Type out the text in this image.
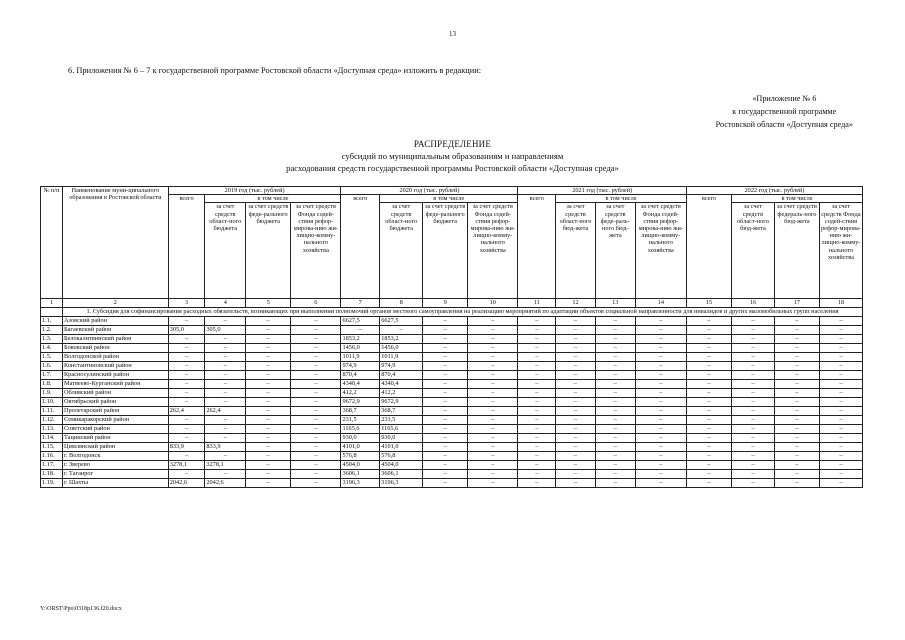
13
6. Приложения № 6 – 7 к государственной программе Ростовской области «Доступная среда» изложить в редакции:
«Приложение № 6
к государственной программе
Ростовской области «Доступная среда»
РАСПРЕДЕЛЕНИЕ
субсидий по муниципальным образованиям и направлениям
расходования средств государственной программы Ростовской области «Доступная среда»
№ п/п	Наименование муни-ципального образования в Ростовской области	2019 год (тыс. рублей)				2020 год (тыс. рублей)				2021 год (тыс. рублей)				2022 год (тыс. рублей)			
		всего	в том числе			всего	в том числе			всего	в том числе			всего	в том числе		
			за счет средств област-ного бюджета	за счет средств феде-рального бюджета	за счет средств Фонда содей-ствия рефор-мирова-нию жи-лищно-комму-нального хозяйства		за счет средств област-ного бюджета	за счет средств феде-рального бюджета	за счет средств Фонда содей-ствия рефор-мирова-нию жи-лищно-комму-нального хозяйства		за счет средств област-ного бюд-жета	за счет средств феде-раль-ного бюд-жета	за счет средств Фонда содей-ствия рефор-мирова-нию жи-лищно-комму-нального хозяйства		за счет средств област-ного бюд-жета	за счет средств федераль-ного бюд-жета	за счет средств Фонда содей-ствия рефор-мирова-нию жи-лищно-комму-нального хозяйства
1	2	3	4	5	6	7	8	9	10	11	12	13	14	15	16	17	18
	1. Субсидия для софинансирования расходных обязательств, возникающих при выполнении полномочий органов местного самоуправления на реализацию мероприятий по адаптации объектов социальной направленности для инвалидов и других маломобильных групп населения																
1.1.	Азовский район	–	–	–	–	6627,5	6627,5	–	–	–	–	–	–	–	–	–	–
1.2.	Багаевский район	305,0	305,0	–	–	–	–	–	–	–	–	–	–	–	–	–	–
1.3.	Белокалитвинский район	–	–	–	–	1853,2	1853,2	–	–	–	–	–	–	–	–	–	–
1.4.	Боковский район	–	–	–	–	1456,0	1456,0	–	–	–	–	–	–	–	–	–	–
1.5.	Волгодонской район	–	–	–	–	1011,9	1011,9	–	–	–	–	–	–	–	–	–	–
1.6.	Константиновский район	–	–	–	–	974,9	974,9	–	–	–	–	–	–	–	–	–	–
1.7.	Красносулинский район	–	–	–	–	870,4	870,4	–	–	–	–	–	–	–	–	–	–
1.8.	Матвеево-Курганский район	–	–	–	–	4340,4	4340,4	–	–	–	–	–	–	–	–	–	–
1.9.	Обливский район	–	–	–	–	412,2	412,2	–	–	–	–	–	–	–	–	–	–
1.10.	Октябрьский район	–	–	–	–	9672,9	9672,9	–	–	–	–	–	–	–	–	–	–
1.11.	Пролетарский район	262,4	262,4	–	–	368,7	368,7	–	–	–	–	–	–	–	–	–	–
1.12.	Семикаракорский район	–	–	–	–	231,5	231,5	–	–	–	–	–	–	–	–	–	–
1.13.	Советский район	–	–	–	–	1165,6	1165,6	–	–	–	–	–	–	–	–	–	–
1.14.	Тацинский район	–	–	–	–	930,0	930,0	–	–	–	–	–	–	–	–	–	–
1.15.	Цимлянский район	833,9	833,9	–	–	4101,0	4101,0	–	–	–	–	–	–	–	–	–	–
1.16.	г. Волгодонск	–	–	–	–	576,8	576,8	–	–	–	–	–	–	–	–	–	–
1.17.	г. Зверево	3278,1	3278,1	–	–	4504,0	4504,0	–	–	–	–	–	–	–	–	–	–
1.18.	г. Таганрог	–	–	–	–	3606,1	3606,1	–	–	–	–	–	–	–	–	–	–
1.19.	г. Шахты	2042,6	2042,6	–	–	3196,3	3196,3	–	–	–	–	–	–	–	–	–	–
Y:\ORST\Ppo\0318p136.f20.docx
